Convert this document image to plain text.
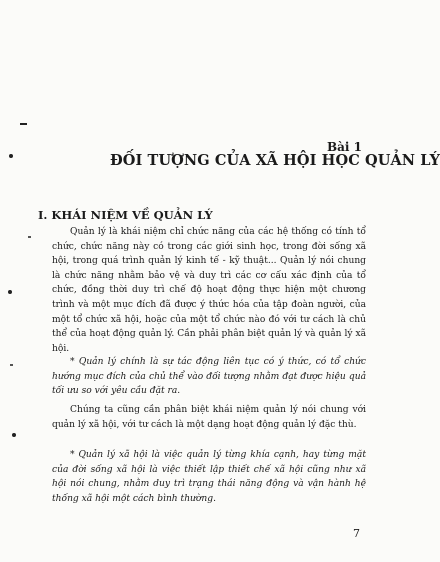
Bài 1
ĐỐI TƯỢNG CỦA XÃ HỘI HỌC QUẢN LÝ
I. KHÁI NIỆM VỀ QUẢN LÝ

Quản lý là khái niệm chỉ chức năng của các hệ thống có tính tổ chức, chức năng này có trong các giới sinh học, trong đời sống xã hội, trong quá trình quản lý kinh tế - kỹ thuật... Quản lý nói chung là chức năng nhằm bảo vệ và duy trì các cơ cấu xác định của tổ chức, đồng thời duy trì chế độ hoạt động thực hiện một chương trình và một mục đích đã được ý thức hóa của tập đoàn người, của một tổ chức xã hội, hoặc của một tổ chức nào đó với tư cách là chủ thể của hoạt động quản lý. Cần phải phân biệt quản lý và quản lý xã hội.

* Quản lý chính là sự tác động liên tục có ý thức, có tổ chức hướng mục đích của chủ thể vào đối tượng nhằm đạt được hiệu quả tối ưu so với yêu cầu đặt ra.

Chúng ta cũng cần phân biệt khái niệm quản lý nói chung với quản lý xã hội, với tư cách là một dạng hoạt động quản lý đặc thù.

* Quản lý xã hội là việc quản lý từng khía cạnh, hay từng mặt của đời sống xã hội là việc thiết lập thiết chế xã hội cũng như xã hội nói chung, nhằm duy trì trạng thái năng động và vận hành hệ thống xã hội một cách bình thường.

7
